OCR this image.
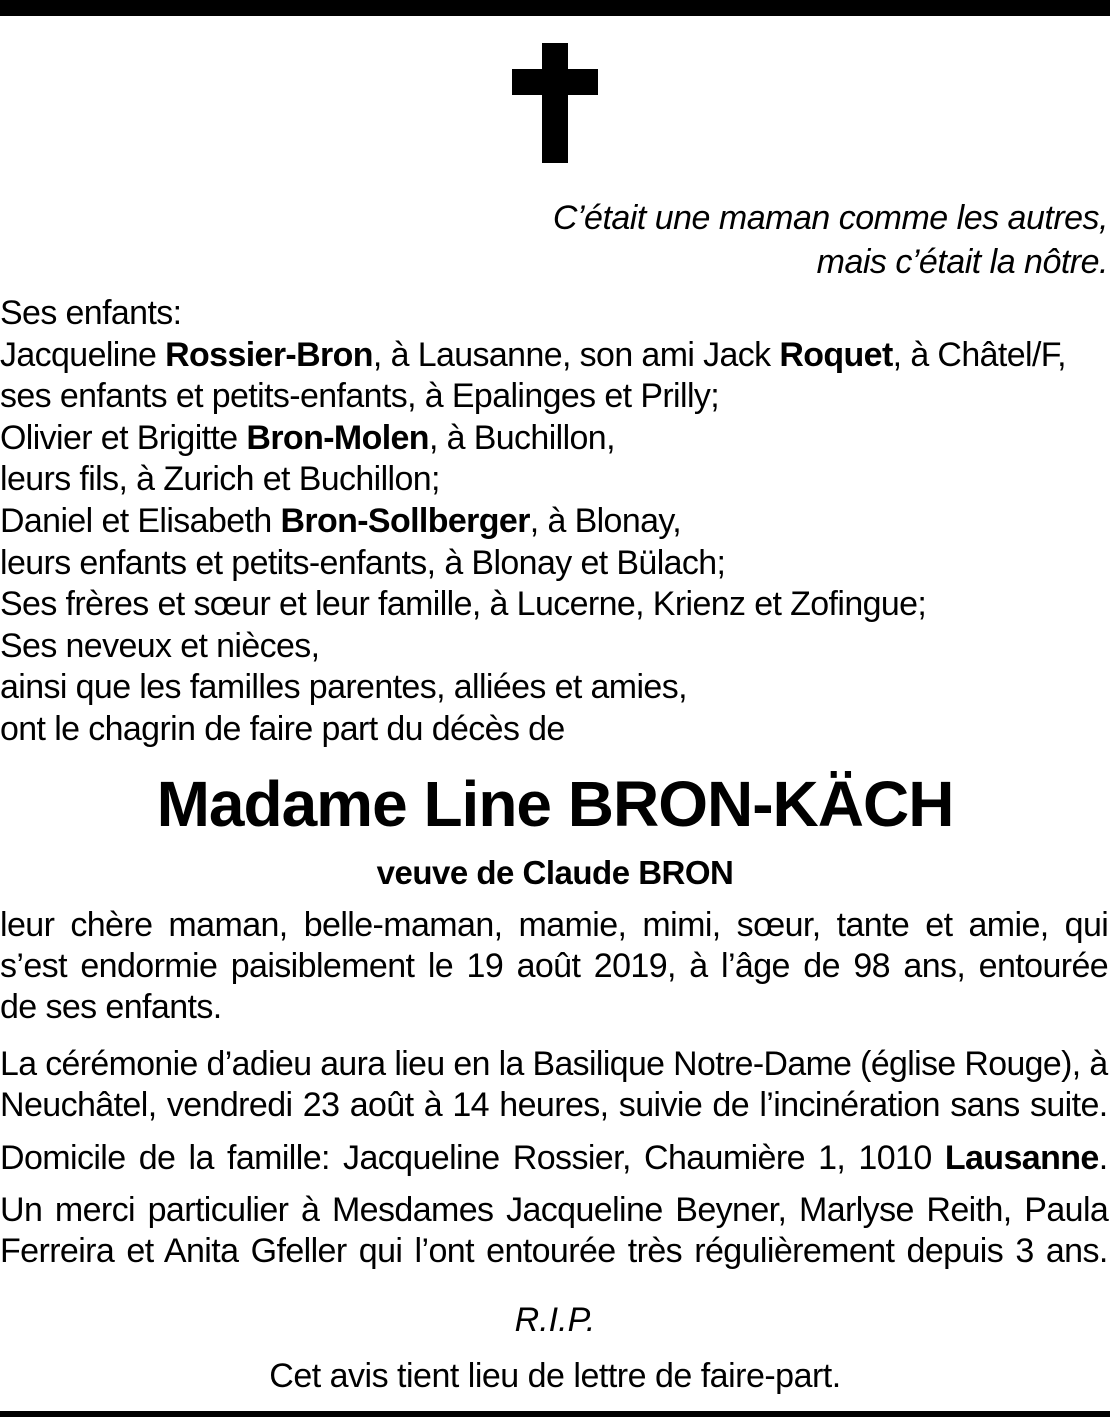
C’était une maman comme les autres,
mais c’était la nôtre.
Ses enfants:
Jacqueline Rossier-Bron, à Lausanne, son ami Jack Roquet, à Châtel/F,
ses enfants et petits-enfants, à Epalinges et Prilly;
Olivier et Brigitte Bron-Molen, à Buchillon,
leurs fils, à Zurich et Buchillon;
Daniel et Elisabeth Bron-Sollberger, à Blonay,
leurs enfants et petits-enfants, à Blonay et Bülach;
Ses frères et sœur et leur famille, à Lucerne, Krienz et Zofingue;
Ses neveux et nièces,
ainsi que les familles parentes, alliées et amies,
ont le chagrin de faire part du décès de
Madame Line BRON-KÄCH
veuve de Claude BRON
leur chère maman, belle-maman, mamie, mimi, sœur, tante et amie, qui
s’est endormie paisiblement le 19 août 2019, à l’âge de 98 ans, entourée
de ses enfants.
La cérémonie d’adieu aura lieu en la Basilique Notre-Dame (église Rouge), à
Neuchâtel, vendredi 23 août à 14 heures, suivie de l’incinération sans suite.
Domicile de la famille: Jacqueline Rossier, Chaumière 1, 1010 Lausanne.
Un merci particulier à Mesdames Jacqueline Beyner, Marlyse Reith, Paula
Ferreira et Anita Gfeller qui l’ont entourée très régulièrement depuis 3 ans.
R.I.P.
Cet avis tient lieu de lettre de faire-part.
